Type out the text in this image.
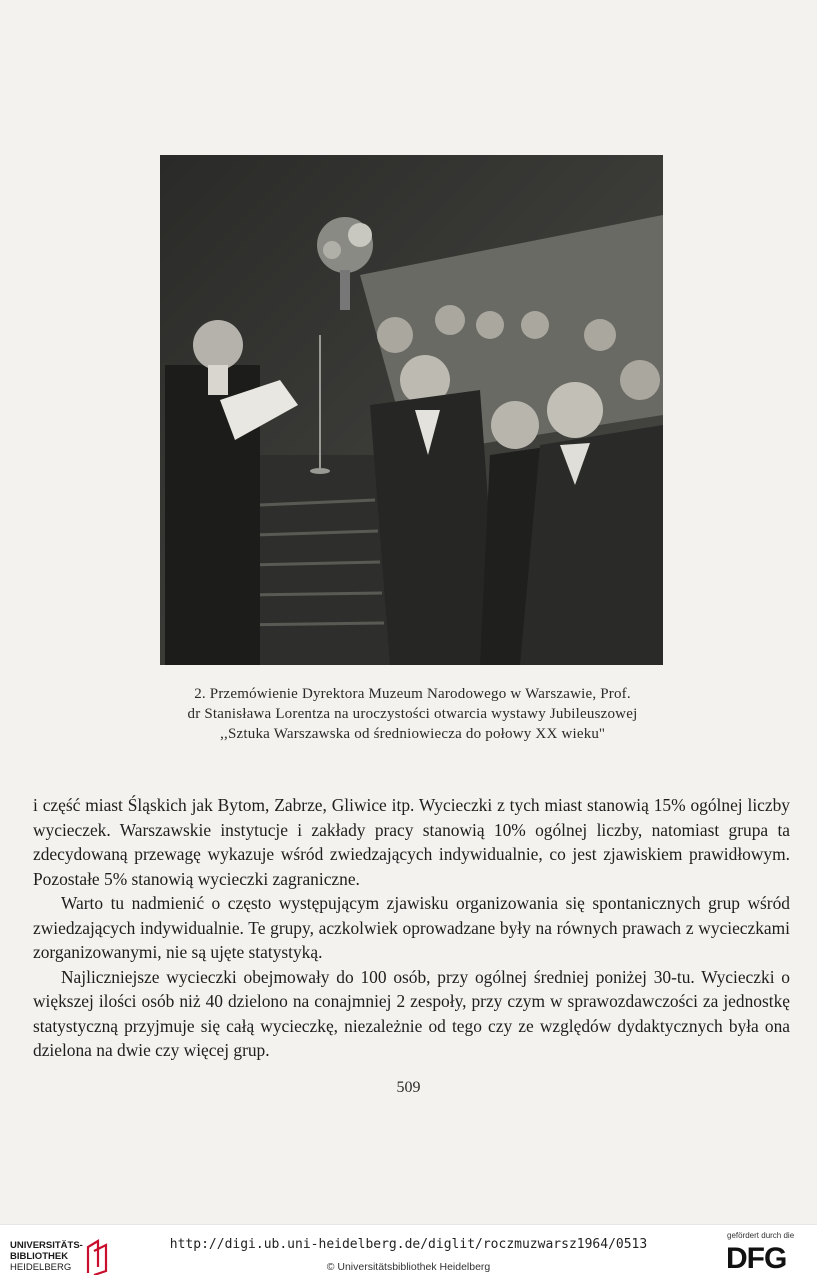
2. Przemówienie Dyrektora Muzeum Narodowego w Warszawie, Prof.
dr Stanisława Lorentza na uroczystości otwarcia wystawy Jubileuszowej
,,Sztuka Warszawska od średniowiecza do połowy XX wieku''

i część miast Śląskich jak Bytom, Zabrze, Gliwice itp. Wycieczki z tych miast stanowią 15% ogólnej liczby wycieczek. Warszawskie instytucje i zakłady pracy stanowią 10% ogólnej liczby, natomiast grupa ta zdecydowaną przewagę wykazuje wśród zwiedzających indywidualnie, co jest zjawiskiem prawidłowym. Pozostałe 5% stanowią wycieczki zagraniczne.

Warto tu nadmienić o często występującym zjawisku organizowania się spontanicznych grup wśród zwiedzających indywidualnie. Te grupy, aczkolwiek oprowadzane były na równych prawach z wycieczkami zorganizowanymi, nie są ujęte statystyką.

Najliczniejsze wycieczki obejmowały do 100 osób, przy ogólnej średniej poniżej 30-tu. Wycieczki o większej ilości osób niż 40 dzielono na conajmniej 2 zespoły, przy czym w sprawozdawczości za jednostkę statystyczną przyjmuje się całą wycieczkę, niezależnie od tego czy ze względów dydaktycznych była ona dzielona na dwie czy więcej grup.

509
UNIVERSITÄTS-
BIBLIOTHEK
HEIDELBERG
http://digi.ub.uni-heidelberg.de/diglit/roczmuzwarsz1964/0513
© Universitätsbibliothek Heidelberg
gefördert durch die
DFG
